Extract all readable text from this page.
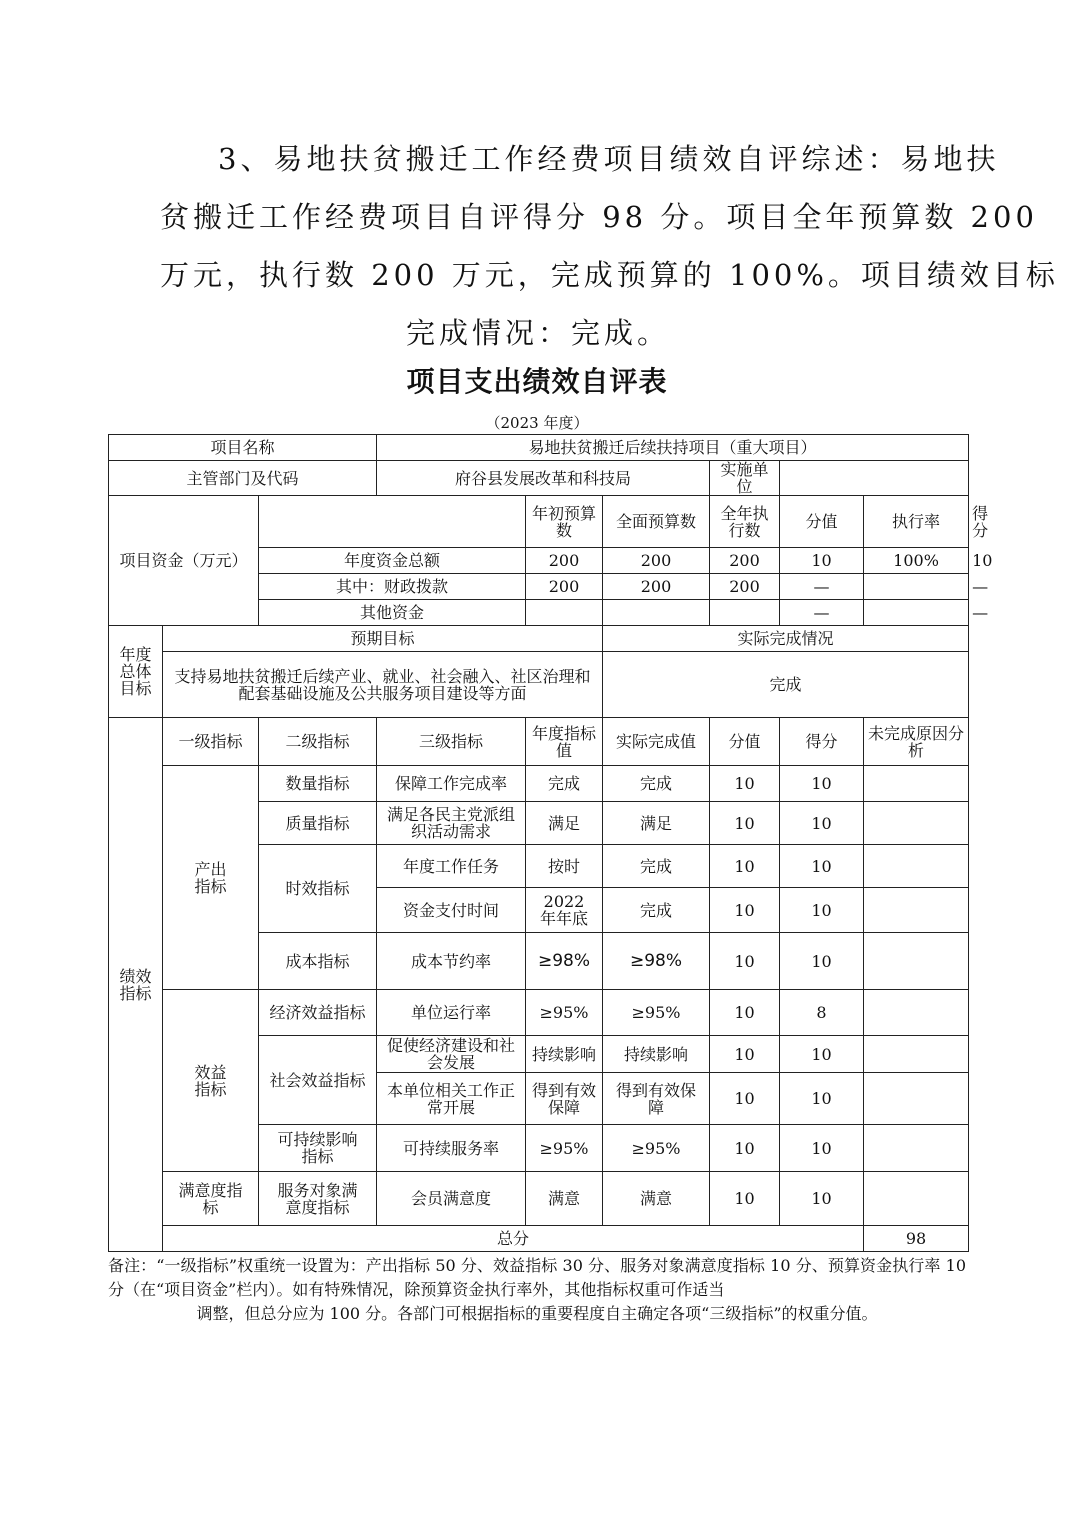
3、易地扶贫搬迁工作经费项目绩效自评综述：易地扶
贫搬迁工作经费项目自评得分 98 分。项目全年预算数 200
万元，执行数 200 万元，完成预算的 100%。项目绩效目标
完成情况：完成。
项目支出绩效自评表
（2023 年度）
项目名称			易地扶贫搬迁后续扶持项目（重大项目）						
主管部门及代码			府谷县发展改革和科技局			实施单位			
项目资金（万元）				年初预算数	全面预算数	全年执行数	分值	执行率	得分
		年度资金总额		200	200	200	10	100%	10
		其中：财政拨款		200	200	200	—		—
		其他资金					—		—
年度总体目标	预期目标				实际完成情况				
	支持易地扶贫搬迁后续产业、就业、社会融入、社区治理和配套基础设施及公共服务项目建设等方面				完成				
绩效指标	一级指标	二级指标	三级指标	年度指标值	实际完成值	分值	得分	未完成原因分析	
	产出指标	数量指标	保障工作完成率	完成	完成	10	10		
		质量指标	满足各民主党派组织活动需求	满足	满足	10	10		
		时效指标	年度工作任务	按时	完成	10	10		
			资金支付时间	2022 年年底	完成	10	10		
		成本指标	成本节约率	≥98%	≥98%	10	10		
	效益指标	经济效益指标	单位运行率	≥95%	≥95%	10	8		
		社会效益指标	促使经济建设和社会发展	持续影响	持续影响	10	10		
			本单位相关工作正常开展	得到有效保障	得到有效保障	10	10		
		可持续影响指标	可持续服务率	≥95%	≥95%	10	10		
	满意度指标	服务对象满意度指标	会员满意度	满意	满意	10	10		
	总分							98	
备注：“一级指标”权重统一设置为：产出指标 50 分、效益指标 30 分、服务对象满意度指标 10 分、预算资金执行率 10 分（在“项目资金”栏内）。如有特殊情况，除预算资金执行率外，其他指标权重可作适当
调整，但总分应为 100 分。各部门可根据指标的重要程度自主确定各项“三级指标”的权重分值。
